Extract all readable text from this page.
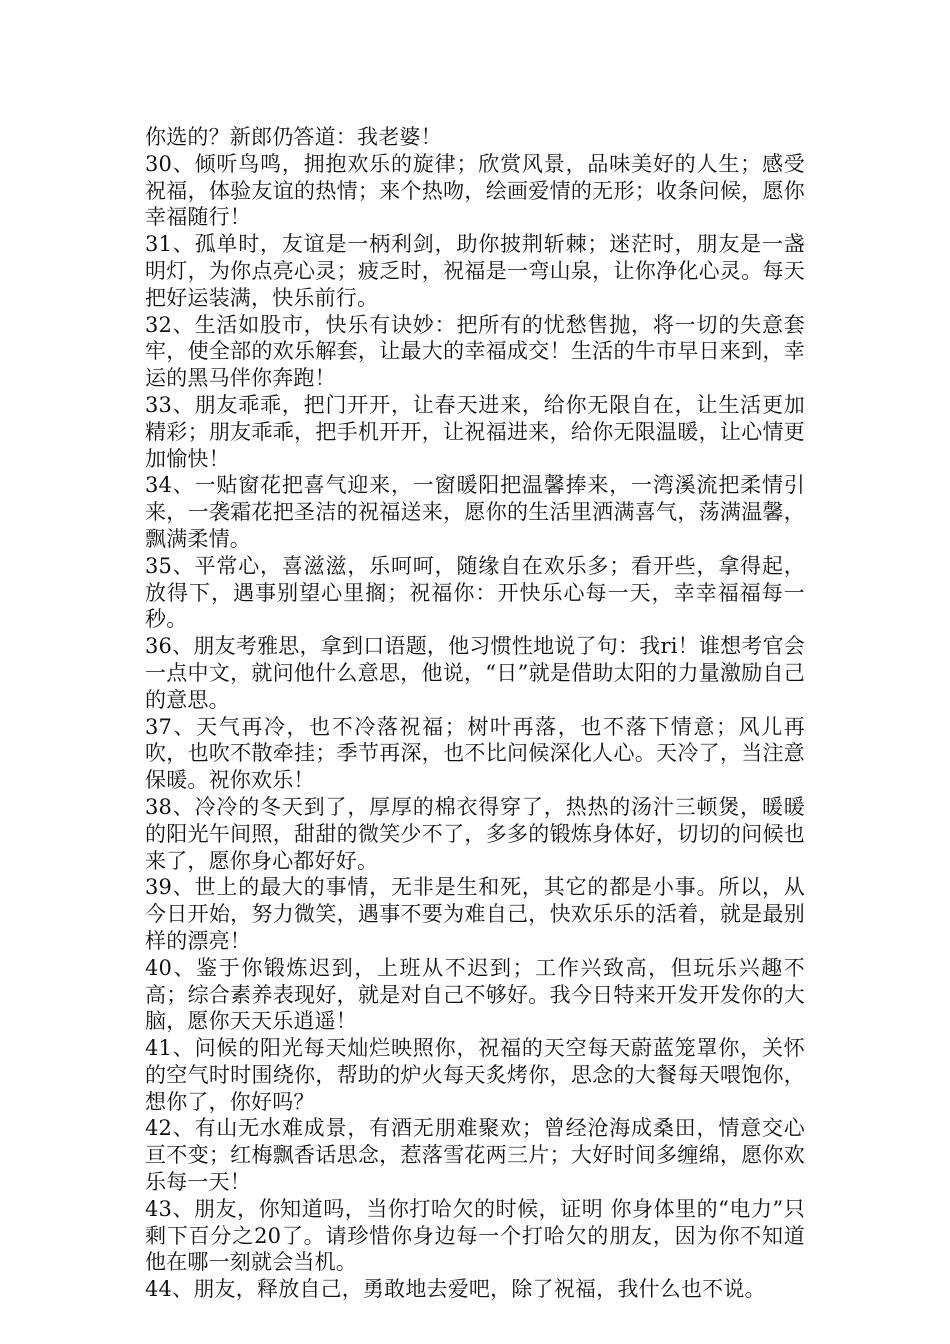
你选的？新郎仍答道：我老婆！

30、倾听鸟鸣，拥抱欢乐的旋律；欣赏风景，品味美好的人生；感受祝福，体验友谊的热情；来个热吻，绘画爱情的无形；收条问候，愿你幸福随行！

31、孤单时，友谊是一柄利剑，助你披荆斩棘；迷茫时，朋友是一盏明灯，为你点亮心灵；疲乏时，祝福是一弯山泉，让你净化心灵。每天把好运装满，快乐前行。

32、生活如股市，快乐有诀妙：把所有的忧愁售抛，将一切的失意套牢，使全部的欢乐解套，让最大的幸福成交！生活的牛市早日来到，幸运的黑马伴你奔跑！

33、朋友乖乖，把门开开，让春天进来，给你无限自在，让生活更加精彩；朋友乖乖，把手机开开，让祝福进来，给你无限温暖，让心情更加愉快！

34、一贴窗花把喜气迎来，一窗暖阳把温馨捧来，一湾溪流把柔情引来，一袭霜花把圣洁的祝福送来，愿你的生活里洒满喜气，荡满温馨，飘满柔情。

35、平常心，喜滋滋，乐呵呵，随缘自在欢乐多；看开些，拿得起，放得下，遇事别望心里搁；祝福你：开快乐心每一天，幸幸福福每一秒。

36、朋友考雅思，拿到口语题，他习惯性地说了句：我ri！谁想考官会一点中文，就问他什么意思，他说，“日”就是借助太阳的力量激励自己的意思。

37、天气再冷，也不冷落祝福；树叶再落，也不落下情意；风儿再吹，也吹不散牵挂；季节再深，也不比问候深化人心。天冷了，当注意保暖。祝你欢乐！

38、冷冷的冬天到了，厚厚的棉衣得穿了，热热的汤汁三顿煲，暖暖的阳光午间照，甜甜的微笑少不了，多多的锻炼身体好，切切的问候也来了，愿你身心都好好。

39、世上的最大的事情，无非是生和死，其它的都是小事。所以，从今日开始，努力微笑，遇事不要为难自己，快欢乐乐的活着，就是最别样的漂亮！

40、鉴于你锻炼迟到，上班从不迟到；工作兴致高，但玩乐兴趣不高；综合素养表现好，就是对自己不够好。我今日特来开发开发你的大脑，愿你天天乐逍遥！

41、问候的阳光每天灿烂映照你，祝福的天空每天蔚蓝笼罩你，关怀的空气时时围绕你，帮助的炉火每天炙烤你，思念的大餐每天喂饱你，想你了，你好吗？

42、有山无水难成景，有酒无朋难聚欢；曾经沧海成桑田，情意交心亘不变；红梅飘香话思念，惹落雪花两三片；大好时间多缠绵，愿你欢乐每一天！

43、朋友，你知道吗，当你打哈欠的时候，证明 你身体里的“电力”只剩下百分之20了。请珍惜你身边每一个打哈欠的朋友，因为你不知道他在哪一刻就会当机。

44、朋友，释放自己，勇敢地去爱吧，除了祝福，我什么也不说。
